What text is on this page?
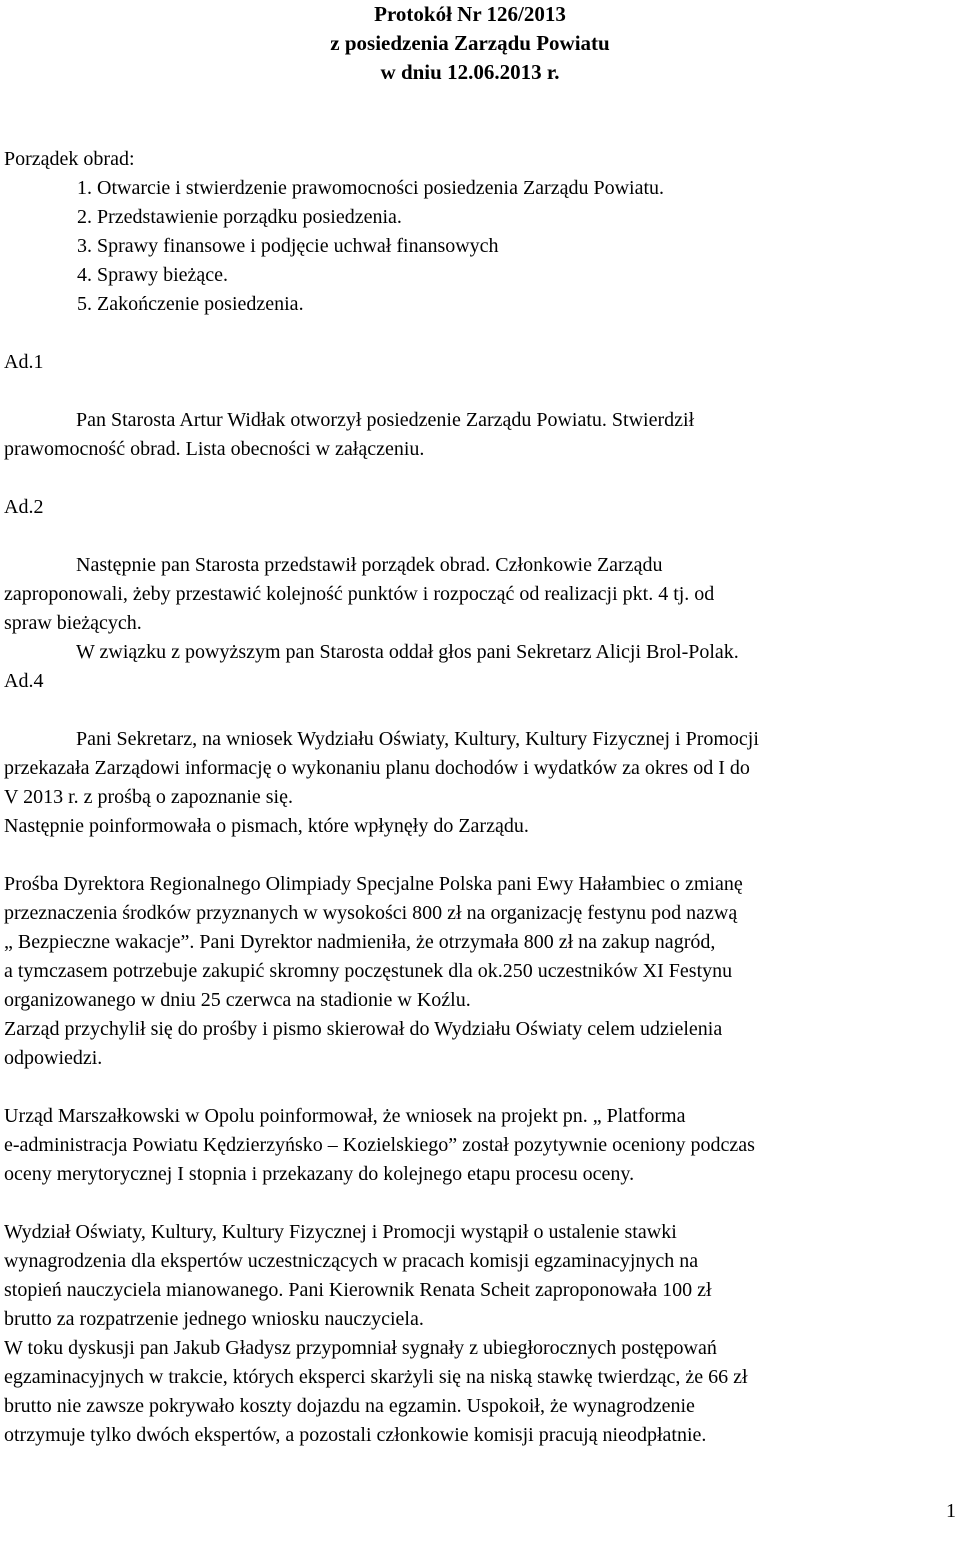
Protokół Nr 126/2013
z posiedzenia Zarządu Powiatu
w dniu 12.06.2013 r.
Porządek obrad:
1. Otwarcie i stwierdzenie prawomocności posiedzenia Zarządu Powiatu.
2. Przedstawienie porządku posiedzenia.
3. Sprawy finansowe i podjęcie uchwał finansowych
4. Sprawy bieżące.
5. Zakończenie posiedzenia.
Ad.1
Pan Starosta Artur Widłak otworzył posiedzenie Zarządu Powiatu. Stwierdził
prawomocność obrad. Lista obecności w załączeniu.
Ad.2
Następnie pan Starosta przedstawił porządek obrad. Członkowie Zarządu
zaproponowali, żeby przestawić kolejność punktów i rozpocząć od realizacji pkt. 4 tj. od
spraw bieżących.
W związku z powyższym pan Starosta oddał głos pani Sekretarz Alicji Brol-Polak.
Ad.4
Pani Sekretarz, na wniosek Wydziału Oświaty, Kultury, Kultury Fizycznej i Promocji
przekazała Zarządowi informację o wykonaniu planu dochodów i wydatków za okres od I do
V 2013 r. z prośbą o zapoznanie się.
Następnie poinformowała o pismach, które wpłynęły do Zarządu.
Prośba Dyrektora Regionalnego Olimpiady Specjalne Polska pani Ewy Hałambiec o zmianę
przeznaczenia środków przyznanych w wysokości 800 zł na organizację festynu pod nazwą
„ Bezpieczne wakacje”. Pani Dyrektor nadmieniła, że otrzymała 800 zł na zakup nagród,
a tymczasem potrzebuje zakupić skromny poczęstunek dla ok.250 uczestników XI Festynu
organizowanego w dniu 25 czerwca na stadionie w Koźlu.
Zarząd przychylił się do prośby i pismo skierował do Wydziału Oświaty celem udzielenia
odpowiedzi.
Urząd Marszałkowski w Opolu poinformował, że wniosek na projekt pn. „ Platforma
e-administracja Powiatu Kędzierzyńsko – Kozielskiego” został pozytywnie oceniony podczas
oceny merytorycznej I stopnia i przekazany do kolejnego etapu procesu oceny.
Wydział Oświaty, Kultury, Kultury Fizycznej i Promocji wystąpił o ustalenie stawki
wynagrodzenia dla ekspertów uczestniczących w pracach komisji egzaminacyjnych na
stopień nauczyciela mianowanego. Pani Kierownik Renata Scheit zaproponowała 100 zł
brutto za rozpatrzenie jednego wniosku nauczyciela.
W toku dyskusji pan Jakub Gładysz przypomniał sygnały z ubiegłorocznych postępowań
egzaminacyjnych w trakcie, których eksperci skarżyli się na niską stawkę twierdząc, że 66 zł
brutto nie zawsze pokrywało koszty dojazdu na egzamin. Uspokoił, że wynagrodzenie
otrzymuje tylko dwóch ekspertów, a pozostali członkowie komisji pracują nieodpłatnie.
1
